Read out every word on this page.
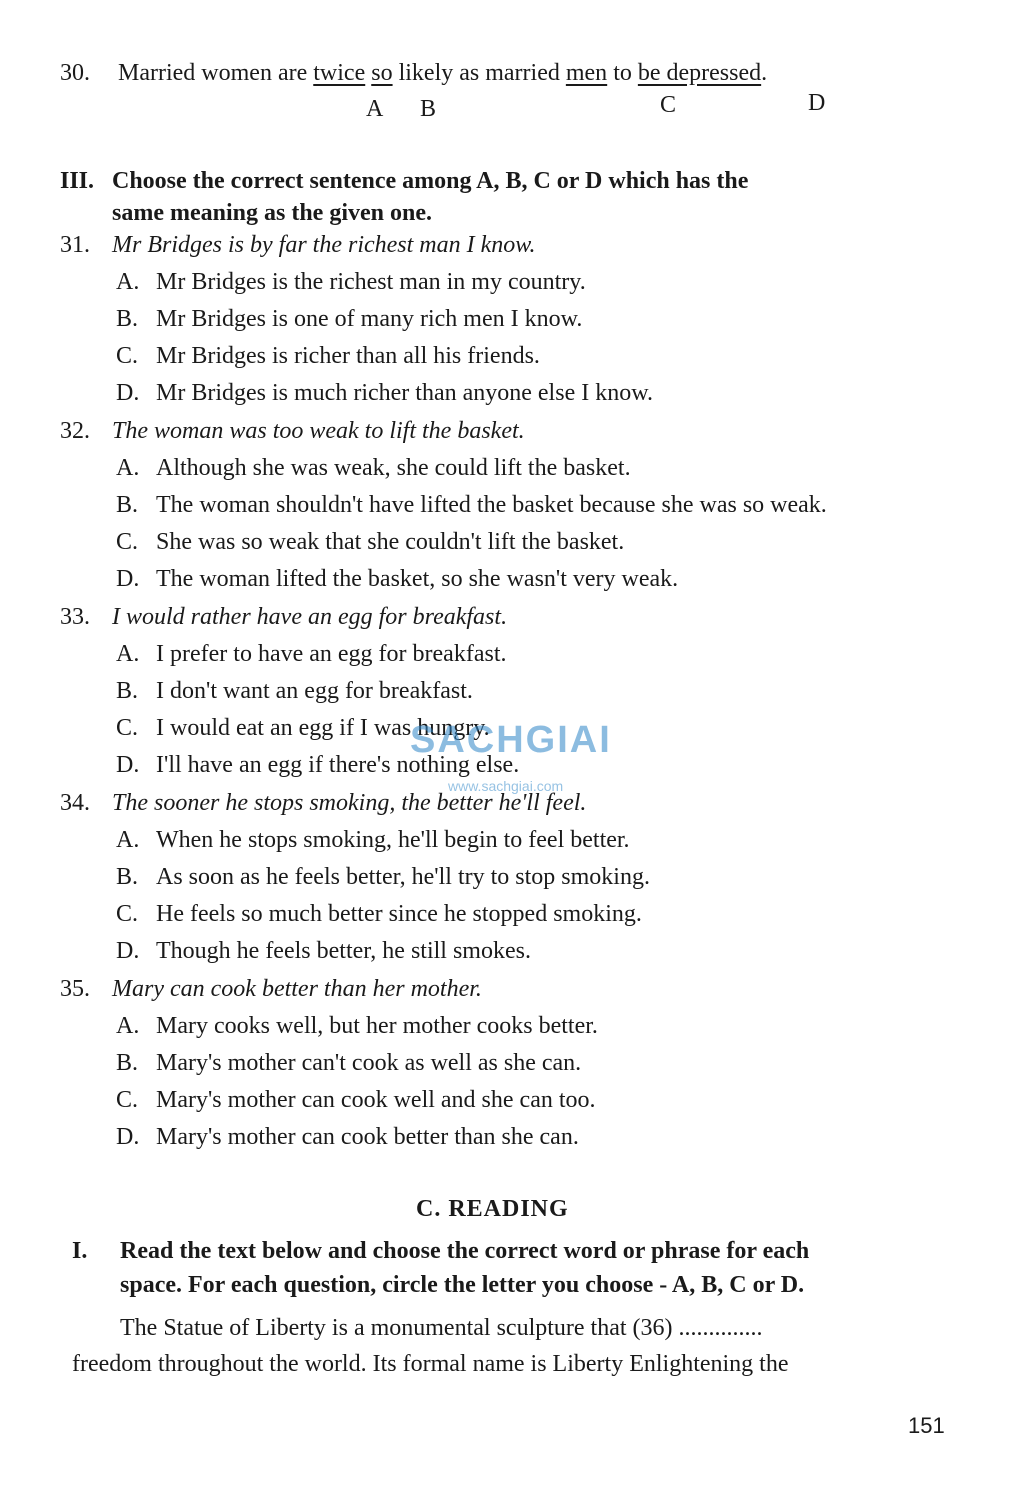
30. Married women are twice so likely as married men to be depressed.
A B	C	D
III. Choose the correct sentence among A, B, C or D which has the
same meaning as the given one.
31. Mr Bridges is by far the richest man I know.
A. Mr Bridges is the richest man in my country.
B. Mr Bridges is one of many rich men I know.
C. Mr Bridges is richer than all his friends.
D. Mr Bridges is much richer than anyone else I know.
32. The woman was too weak to lift the basket.
A. Although she was weak, she could lift the basket.
B. The woman shouldn't have lifted the basket because she was so weak.
C. She was so weak that she couldn't lift the basket.
D. The woman lifted the basket, so she wasn't very weak.
33. I would rather have an egg for breakfast.
A. I prefer to have an egg for breakfast.
B. I don't want an egg for breakfast.
C. I would eat an egg if I was hungry.
D. I'll have an egg if there's nothing else.
34. The sooner he stops smoking, the better he'll feel.
A. When he stops smoking, he'll begin to feel better.
B. As soon as he feels better, he'll try to stop smoking.
C. He feels so much better since he stopped smoking.
D. Though he feels better, he still smokes.
35. Mary can cook better than her mother.
A. Mary cooks well, but her mother cooks better.
B. Mary's mother can't cook as well as she can.
C. Mary's mother can cook well and she can too.
D. Mary's mother can cook better than she can.
SACHGIAI
www.sachgiai.com
C. READING
I. Read the text below and choose the correct word or phrase for each
space. For each question, circle the letter you choose - A, B, C or D.
The Statue of Liberty is a monumental sculpture that (36) ..............
freedom throughout the world. Its formal name is Liberty Enlightening the
151
